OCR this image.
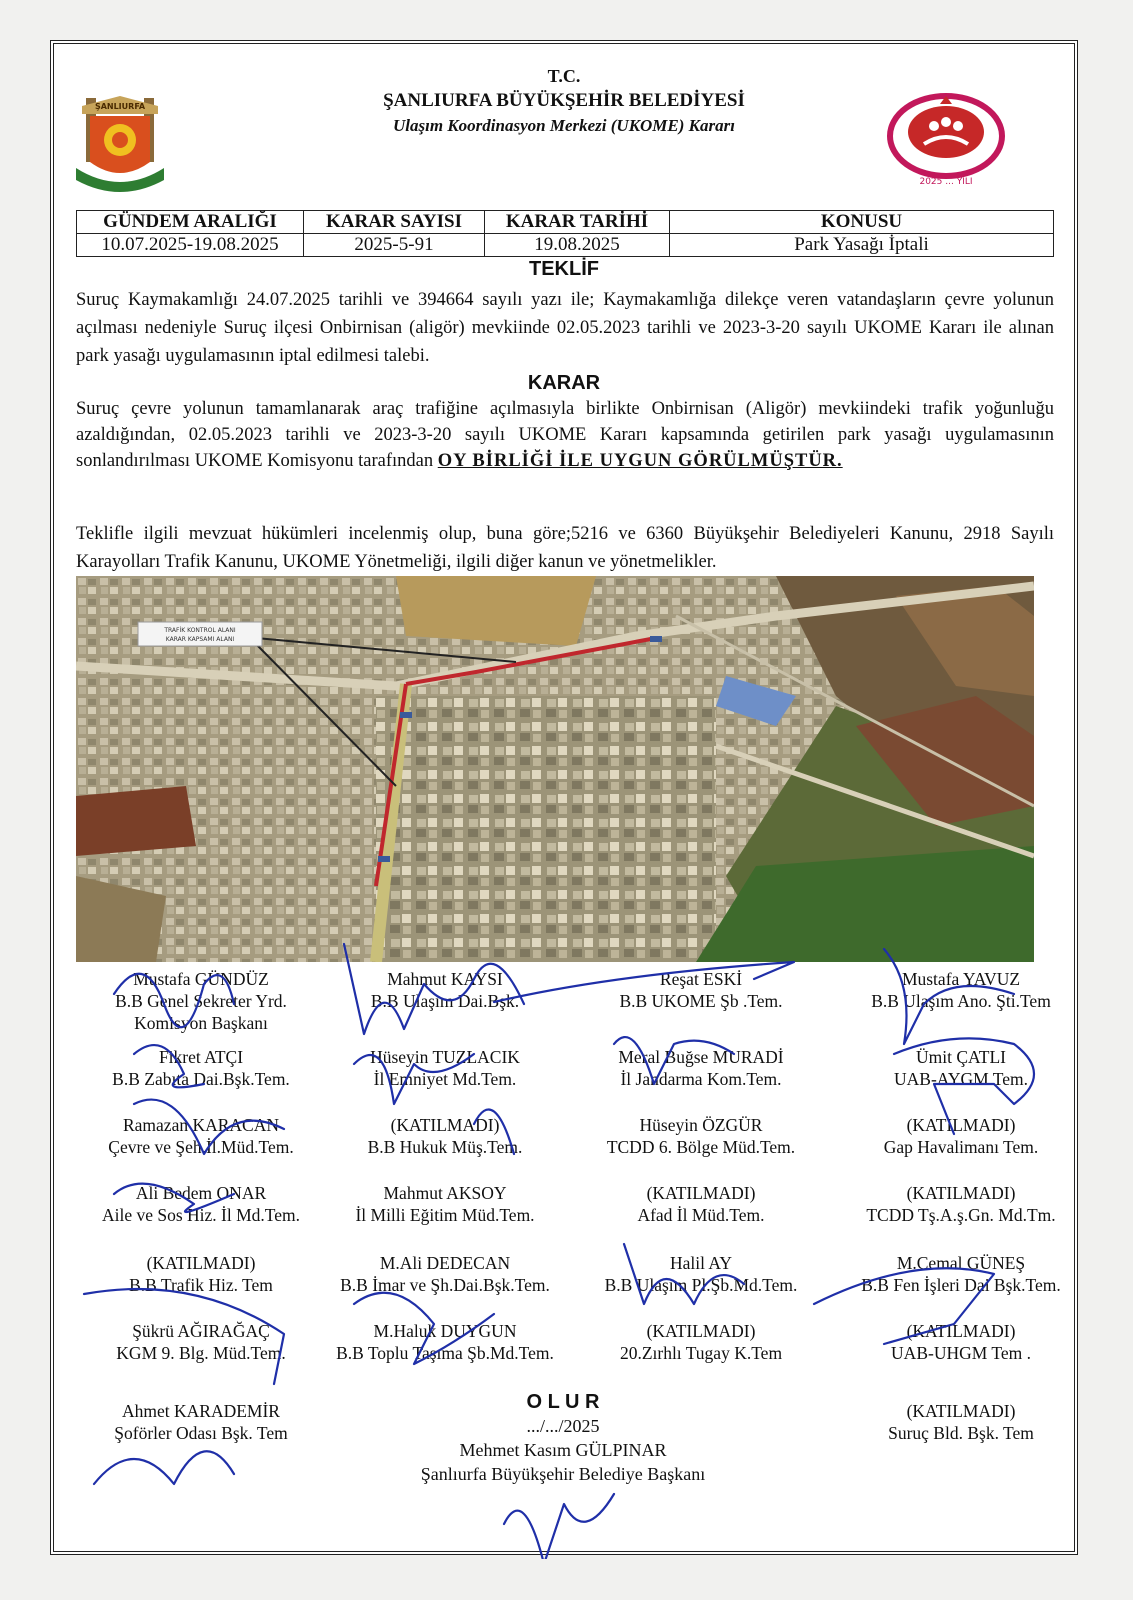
ŞANLIURFA
2025 ... YILI
T.C.
ŞANLIURFA BÜYÜKŞEHİR BELEDİYESİ
Ulaşım Koordinasyon Merkezi (UKOME) Kararı
GÜNDEM ARALIĞI	KARAR SAYISI	KARAR TARİHİ	KONUSU
10.07.2025-19.08.2025	2025-5-91	19.08.2025	Park Yasağı İptali
TEKLİF
Suruç Kaymakamlığı 24.07.2025 tarihli ve 394664 sayılı yazı ile; Kaymakamlığa dilekçe veren vatandaşların çevre yolunun açılması nedeniyle Suruç ilçesi Onbirnisan (aligör) mevkiinde 02.05.2023 tarihli ve 2023-3-20 sayılı UKOME Kararı ile alınan park yasağı uygulamasının iptal edilmesi talebi.
KARAR
Suruç çevre yolunun tamamlanarak araç trafiğine açılmasıyla birlikte Onbirnisan (Aligör) mevkiindeki trafik yoğunluğu azaldığından, 02.05.2023 tarihli ve 2023-3-20 sayılı UKOME Kararı kapsamında getirilen park yasağı uygulamasının sonlandırılması UKOME Komisyonu tarafından OY BİRLİĞİ İLE UYGUN GÖRÜLMÜŞTÜR.
Teklifle ilgili mevzuat hükümleri incelenmiş olup, buna göre;5216 ve 6360 Büyükşehir Belediyeleri Kanunu, 2918 Sayılı Karayolları Trafik Kanunu, UKOME Yönetmeliği, ilgili diğer kanun ve yönetmelikler.
TRAFİK KONTROL ALANI
KARAR KAPSAMI ALANI
Mustafa GÜNDÜZ
B.B Genel Sekreter Yrd.
Komisyon Başkanı
Mahmut KAYSI
B.B Ulaşım Dai.Bşk.
Reşat ESKİ
B.B UKOME Şb .Tem.
Mustafa YAVUZ
B.B Ulaşım Ano. Şti.Tem
Fikret ATÇI
B.B Zabıta Dai.Bşk.Tem.
Hüseyin TUZLACIK
İl Emniyet Md.Tem.
Meral Buğse MURADİ
İl Jandarma Kom.Tem.
Ümit ÇATLI
UAB-AYGM Tem.
Ramazan KARACAN
Çevre ve Şeh.İl.Müd.Tem.
(KATILMADI)
B.B Hukuk Müş.Tem.
Hüseyin ÖZGÜR
TCDD 6. Bölge Müd.Tem.
(KATILMADI)
Gap Havalimanı Tem.
Ali Bedem ONAR
Aile ve Sos Hiz. İl Md.Tem.
Mahmut AKSOY
İl Milli Eğitim Müd.Tem.
(KATILMADI)
Afad İl Müd.Tem.
(KATILMADI)
TCDD Tş.A.ş.Gn. Md.Tm.
(KATILMADI)
B.B Trafik Hiz. Tem
M.Ali DEDECAN
B.B İmar ve Şh.Dai.Bşk.Tem.
Halil AY
B.B Ulaşım Pl.Şb.Md.Tem.
M.Cemal GÜNEŞ
B.B Fen İşleri Dai Bşk.Tem.
Şükrü AĞIRAĞAÇ
KGM 9. Blg. Müd.Tem.
M.Haluk DUYGUN
B.B Toplu Taşıma Şb.Md.Tem.
(KATILMADI)
20.Zırhlı Tugay K.Tem
(KATILMADI)
UAB-UHGM Tem .
Ahmet KARADEMİR
Şoförler Odası Bşk. Tem
(KATILMADI)
Suruç Bld. Bşk. Tem
O L U R
.../.../2025
Mehmet Kasım GÜLPINAR
Şanlıurfa Büyükşehir Belediye Başkanı
